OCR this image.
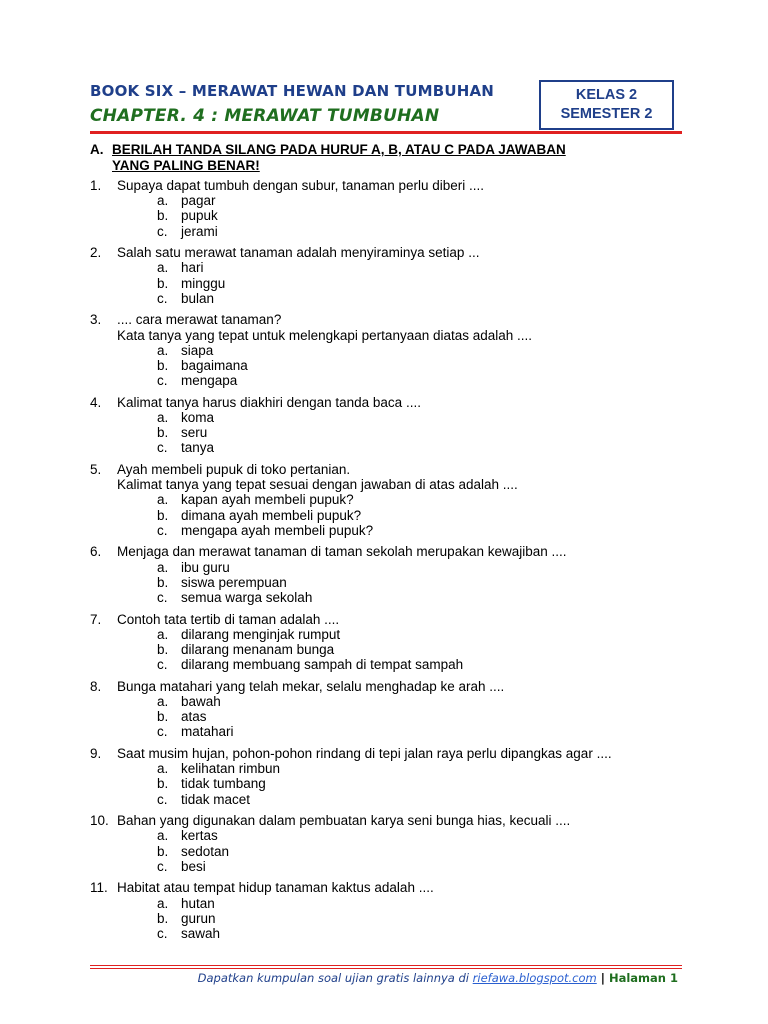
BOOK SIX – MERAWAT HEWAN DAN TUMBUHAN
CHAPTER. 4 : MERAWAT TUMBUHAN
KELAS 2
SEMESTER 2
A. BERILAH TANDA SILANG PADA HURUF A, B, ATAU C PADA JAWABAN
YANG PALING BENAR!
1. Supaya dapat tumbuh dengan subur, tanaman perlu diberi ....
a. pagar
b. pupuk
c. jerami
2. Salah satu merawat tanaman adalah menyiraminya setiap ...
a. hari
b. minggu
c. bulan
3. .... cara merawat tanaman?
Kata tanya yang tepat untuk melengkapi pertanyaan diatas adalah ....
a. siapa
b. bagaimana
c. mengapa
4. Kalimat tanya harus diakhiri dengan tanda baca ....
a. koma
b. seru
c. tanya
5. Ayah membeli pupuk di toko pertanian.
Kalimat tanya yang tepat sesuai dengan jawaban di atas adalah ....
a. kapan ayah membeli pupuk?
b. dimana ayah membeli pupuk?
c. mengapa ayah membeli pupuk?
6. Menjaga dan merawat tanaman di taman sekolah merupakan kewajiban ....
a. ibu guru
b. siswa perempuan
c. semua warga sekolah
7. Contoh tata tertib di taman adalah ....
a. dilarang menginjak rumput
b. dilarang menanam bunga
c. dilarang membuang sampah di tempat sampah
8. Bunga matahari yang telah mekar, selalu menghadap ke arah ....
a. bawah
b. atas
c. matahari
9. Saat musim hujan, pohon-pohon rindang di tepi jalan raya perlu dipangkas agar ....
a. kelihatan rimbun
b. tidak tumbang
c. tidak macet
10. Bahan yang digunakan dalam pembuatan karya seni bunga hias, kecuali ....
a. kertas
b. sedotan
c. besi
11. Habitat atau tempat hidup tanaman kaktus adalah ....
a. hutan
b. gurun
c. sawah
Dapatkan kumpulan soal ujian gratis lainnya di riefawa.blogspot.com | Halaman 1
